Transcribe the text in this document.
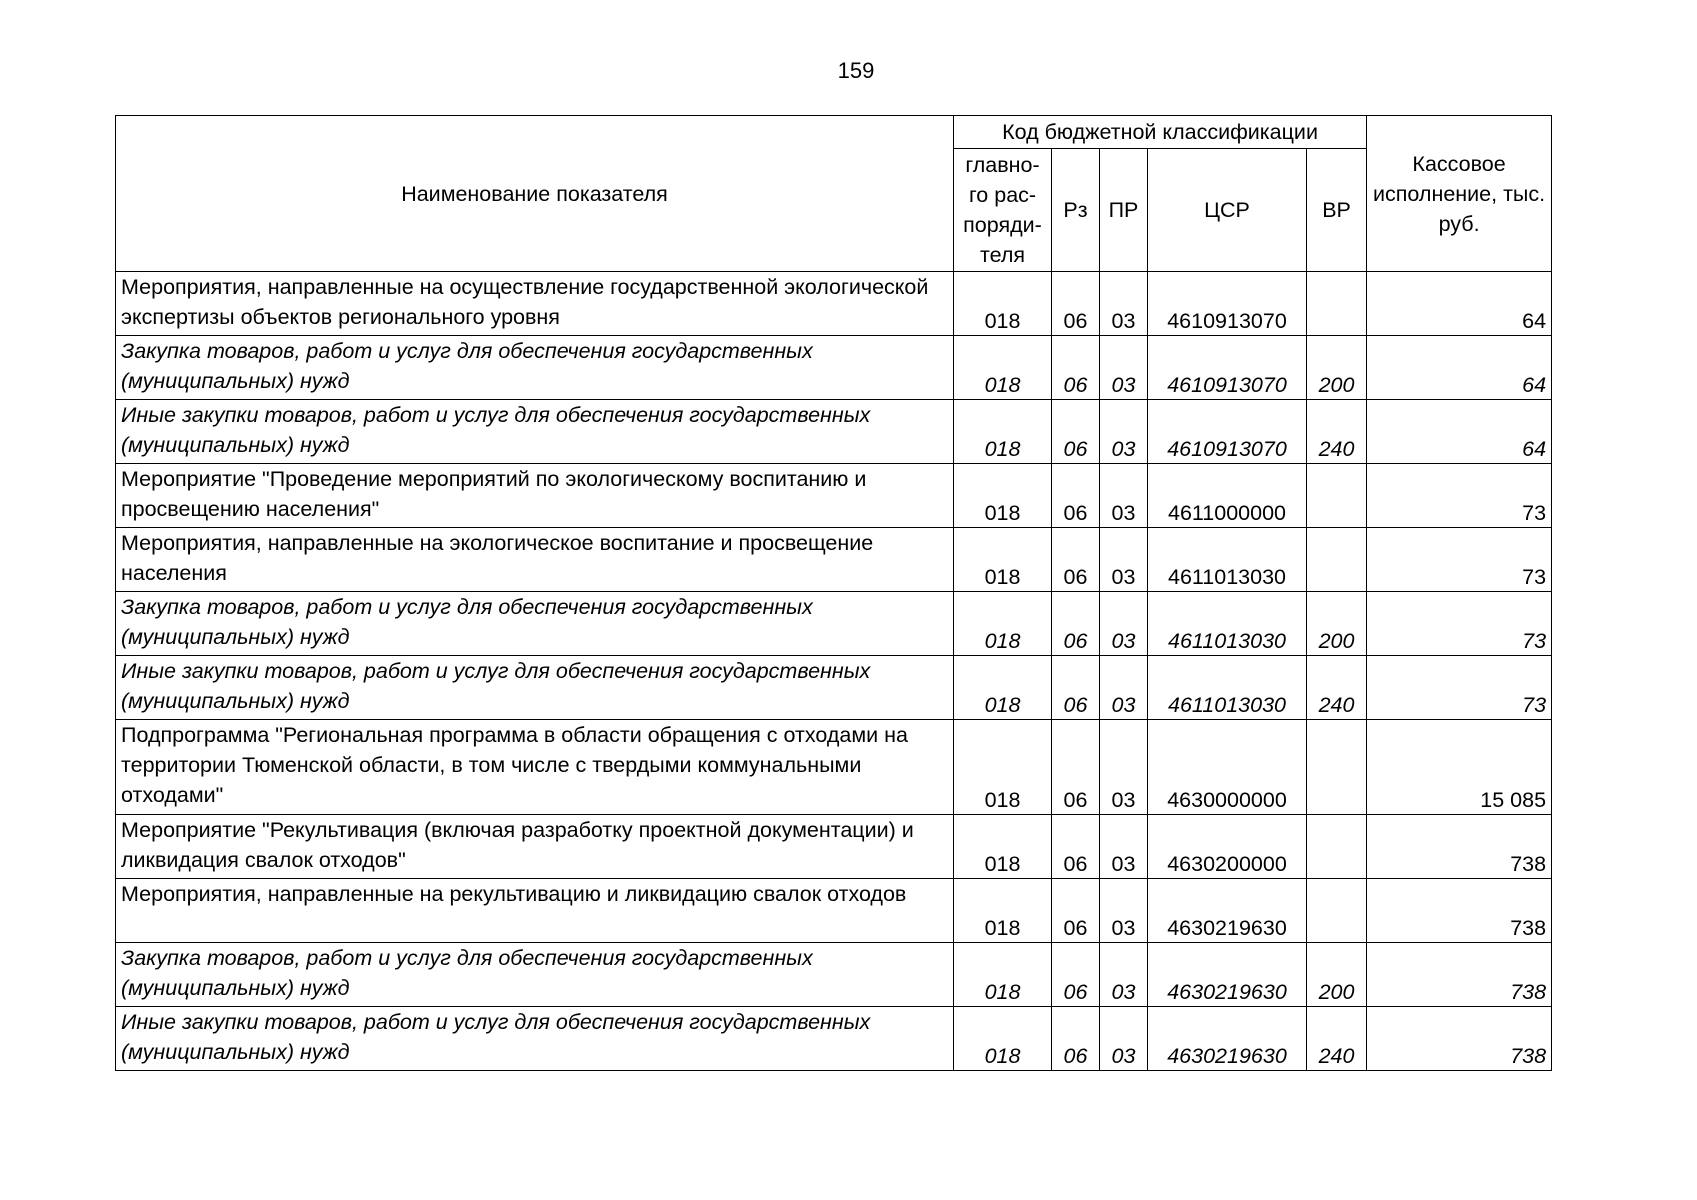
159
Наименование показателя	Код бюджетной классификации					Кассовое исполнение, тыс. руб.
	главно-го рас-поряди-теля	Рз	ПР	ЦСР	ВР	
Мероприятия, направленные на осуществление государственной экологической экспертизы объектов регионального уровня	018	06	03	4610913070		64
Закупка товаров, работ и услуг для обеспечения государственных (муниципальных) нужд	018	06	03	4610913070	200	64
Иные закупки товаров, работ и услуг для обеспечения государственных (муниципальных) нужд	018	06	03	4610913070	240	64
Мероприятие "Проведение мероприятий по экологическому воспитанию и просвещению населения"	018	06	03	4611000000		73
Мероприятия, направленные на экологическое воспитание и просвещение населения	018	06	03	4611013030		73
Закупка товаров, работ и услуг для обеспечения государственных (муниципальных) нужд	018	06	03	4611013030	200	73
Иные закупки товаров, работ и услуг для обеспечения государственных (муниципальных) нужд	018	06	03	4611013030	240	73
Подпрограмма "Региональная программа в области обращения с отходами на территории Тюменской области, в том числе с твердыми коммунальными отходами"	018	06	03	4630000000		15 085
Мероприятие "Рекультивация (включая разработку проектной документации) и ликвидация свалок отходов"	018	06	03	4630200000		738
Мероприятия, направленные на рекультивацию и ликвидацию свалок отходов	018	06	03	4630219630		738
Закупка товаров, работ и услуг для обеспечения государственных (муниципальных) нужд	018	06	03	4630219630	200	738
Иные закупки товаров, работ и услуг для обеспечения государственных (муниципальных) нужд	018	06	03	4630219630	240	738
